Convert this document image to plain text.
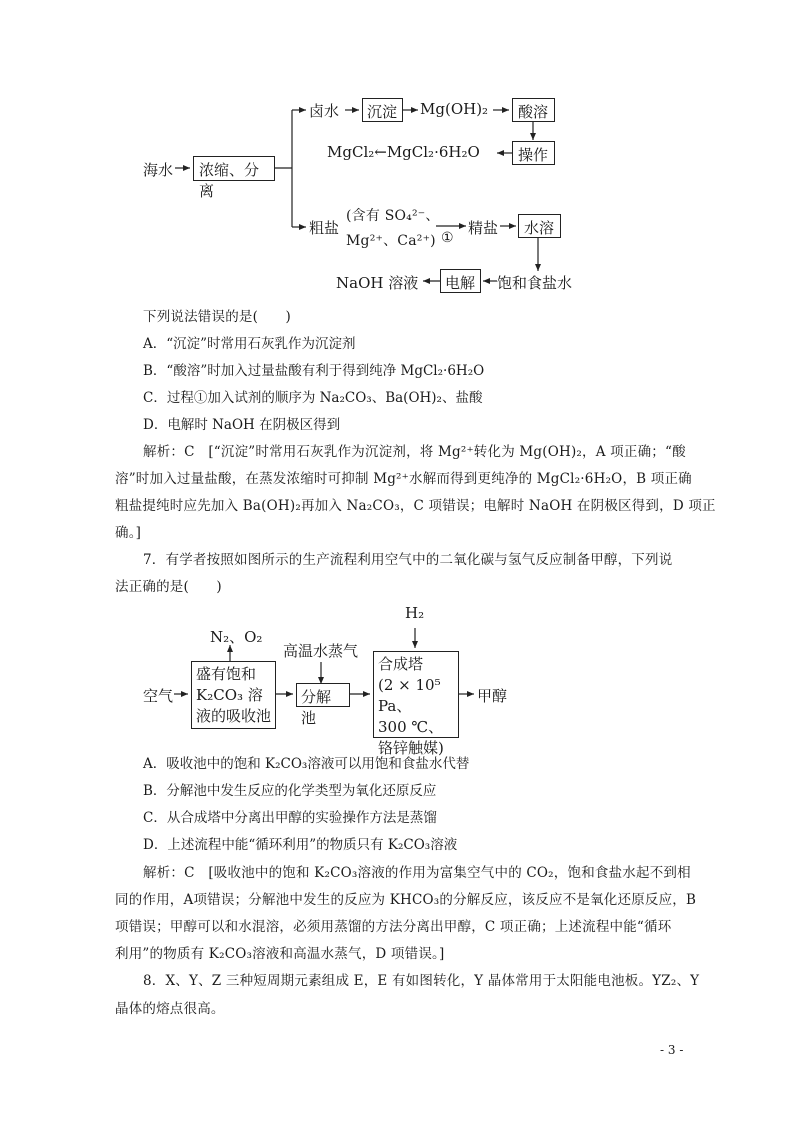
海水 浓缩、分离
卤水 沉淀 Mg(OH)₂ 酸溶
MgCl₂←MgCl₂·6H₂O	操作
粗盐
(含有 SO₄²⁻、
Mg²⁺、Ca²⁺) ①
精盐 水溶
NaOH 溶液 电解 饱和食盐水
下列说法错误的是(　　)
A．“沉淀”时常用石灰乳作为沉淀剂
B．“酸溶”时加入过量盐酸有利于得到纯净 MgCl₂·6H₂O
C．过程①加入试剂的顺序为 Na₂CO₃、Ba(OH)₂、盐酸
D．电解时 NaOH 在阴极区得到
解析：C　[“沉淀”时常用石灰乳作为沉淀剂，将 Mg²⁺转化为 Mg(OH)₂，A 项正确；“酸
溶”时加入过量盐酸，在蒸发浓缩时可抑制 Mg²⁺水解而得到更纯净的 MgCl₂·6H₂O，B 项正确
粗盐提纯时应先加入 Ba(OH)₂再加入 Na₂CO₃，C 项错误；电解时 NaOH 在阴极区得到，D 项正
确。]
7．有学者按照如图所示的生产流程利用空气中的二氧化碳与氢气反应制备甲醇，下列说
法正确的是(　　)
H₂
N₂、O₂
高温水蒸气
空气
盛有饱和
K₂CO₃ 溶
液的吸收池
分解池
合成塔
(2 × 10⁵ Pa、
300 ℃、
铬锌触媒)
甲醇
A．吸收池中的饱和 K₂CO₃溶液可以用饱和食盐水代替
B．分解池中发生反应的化学类型为氧化还原反应
C．从合成塔中分离出甲醇的实验操作方法是蒸馏
D．上述流程中能“循环利用”的物质只有 K₂CO₃溶液
解析：C　[吸收池中的饱和 K₂CO₃溶液的作用为富集空气中的 CO₂，饱和食盐水起不到相
同的作用，A项错误；分解池中发生的反应为 KHCO₃的分解反应，该反应不是氧化还原反应，B
项错误；甲醇可以和水混溶，必须用蒸馏的方法分离出甲醇，C 项正确；上述流程中能“循环
利用”的物质有 K₂CO₃溶液和高温水蒸气，D 项错误。]
8．X、Y、Z 三种短周期元素组成 E，E 有如图转化，Y 晶体常用于太阳能电池板。YZ₂、Y
晶体的熔点很高。
- 3 -
